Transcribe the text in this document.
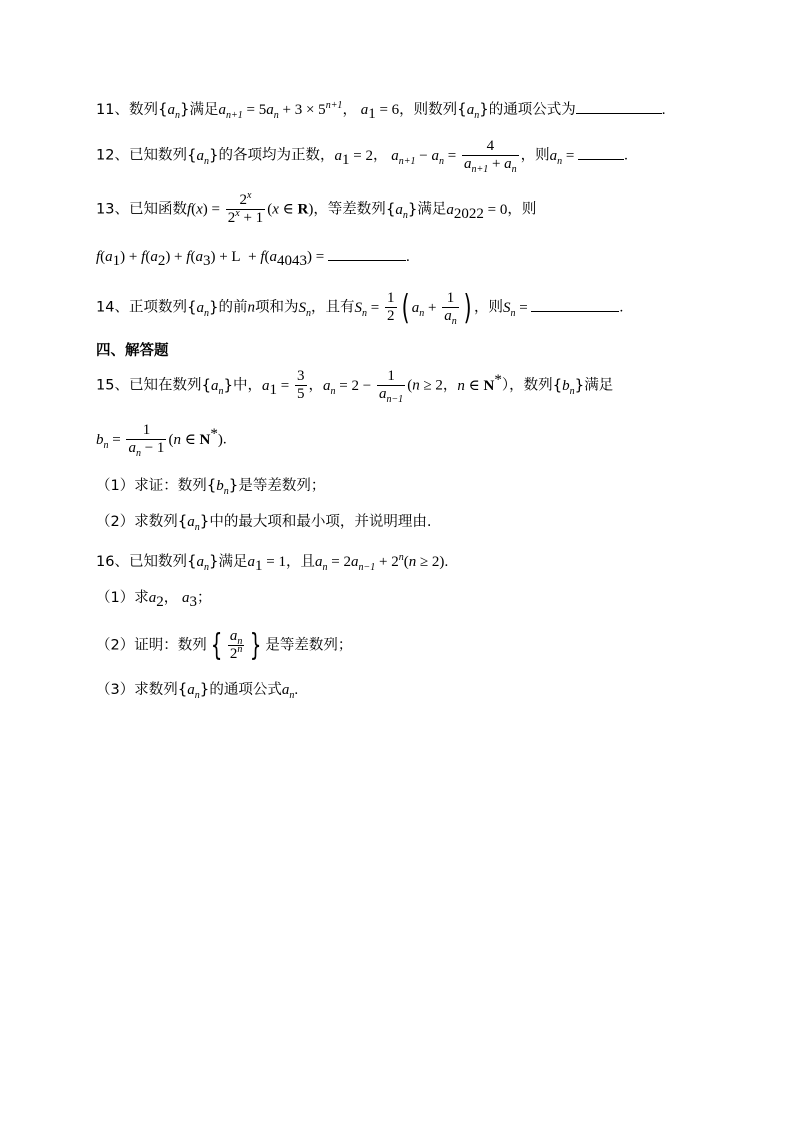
11、数列$\{a_n\}$满足$a_{n+1} = 5a_n + 3 \times 5^{n+1}$， $a_1 = 6$，则数列$\{a_n\}$的通项公式为	.
12、已知数列$\{a_n\}$的各项均为正数，$a_1 = 2$， $a_{n+1} - a_n = \frac{4}{a_{n+1} + a_n}$ ，则$a_n$ =	.
13、已知函数$f(x) = \frac{2^x}{2^x + 1} (x$ ∈ R)，等差数列$\{a_n\}$满足$a_{2022} = 0$，则
$f(a_1) + f(a_2) + f(a_3) + L + f(a_{4043})$ =	.
14、正项数列$\{a_n\}$的前n项和为$S_n$，且有$S_n = \frac{1}{2}$ ( $a_n + \frac{1}{a_n}$ ) ，则$S_n$ =	.
四、解答题
15、已知在数列$\{a_n\}$中，$a_1 = \frac{3}{5}$ ，$a_n = 2 - \frac{1}{a_{n-1}} (n \ge 2$，n ∈ N*），数列$\{b_n\}$满足
$b_n = \frac{1}{a_n - 1} (n$ ∈ N*).
（1）求证：数列$\{b_n\}$是等差数列；
（2）求数列$\{a_n\}$中的最大项和最小项，并说明理由.
16、已知数列$\{a_n\}$满足$a_1 = 1$，且$a_n = 2a_{n-1} + 2^n(n \ge 2)$.
（1）求$a_2$， $a_3$；
（2）证明：数列 { $\frac{a_n}{2^n}$ } 是等差数列；
（3）求数列$\{a_n\}$的通项公式$a_n$.
